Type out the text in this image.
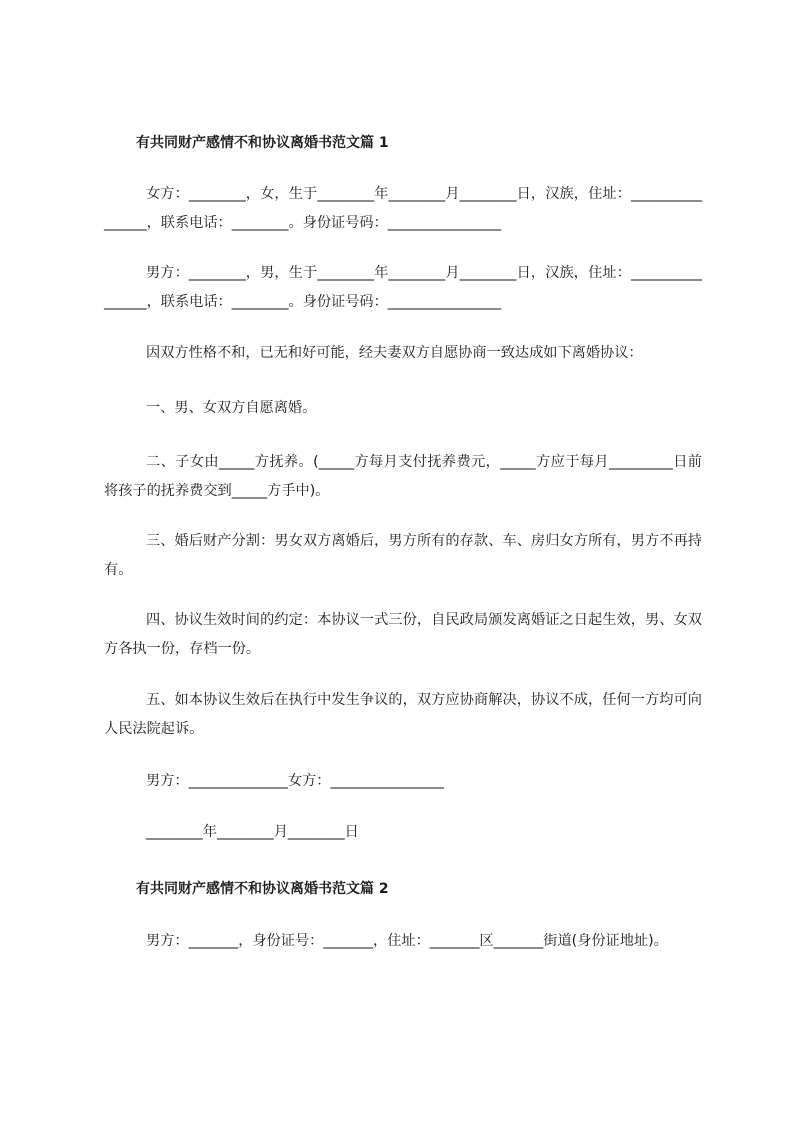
有共同财产感情不和协议离婚书范文篇 1

女方：________，女，生于________年________月________日，汉族，住址：________________，联系电话：________。身份证号码：________________

男方：________，男，生于________年________月________日，汉族，住址：________________，联系电话：________。身份证号码：________________

因双方性格不和，已无和好可能，经夫妻双方自愿协商一致达成如下离婚协议：

一、男、女双方自愿离婚。

二、子女由_____方抚养。(_____方每月支付抚养费元，_____方应于每月_________日前将孩子的抚养费交到_____方手中)。

三、婚后财产分割：男女双方离婚后，男方所有的存款、车、房归女方所有，男方不再持有。

四、协议生效时间的约定：本协议一式三份，自民政局颁发离婚证之日起生效，男、女双方各执一份，存档一份。

五、如本协议生效后在执行中发生争议的，双方应协商解决，协议不成，任何一方均可向人民法院起诉。

男方：______________女方：________________

________年________月________日

有共同财产感情不和协议离婚书范文篇 2

男方：_______，身份证号：_______，住址：_______区_______街道(身份证地址)。
